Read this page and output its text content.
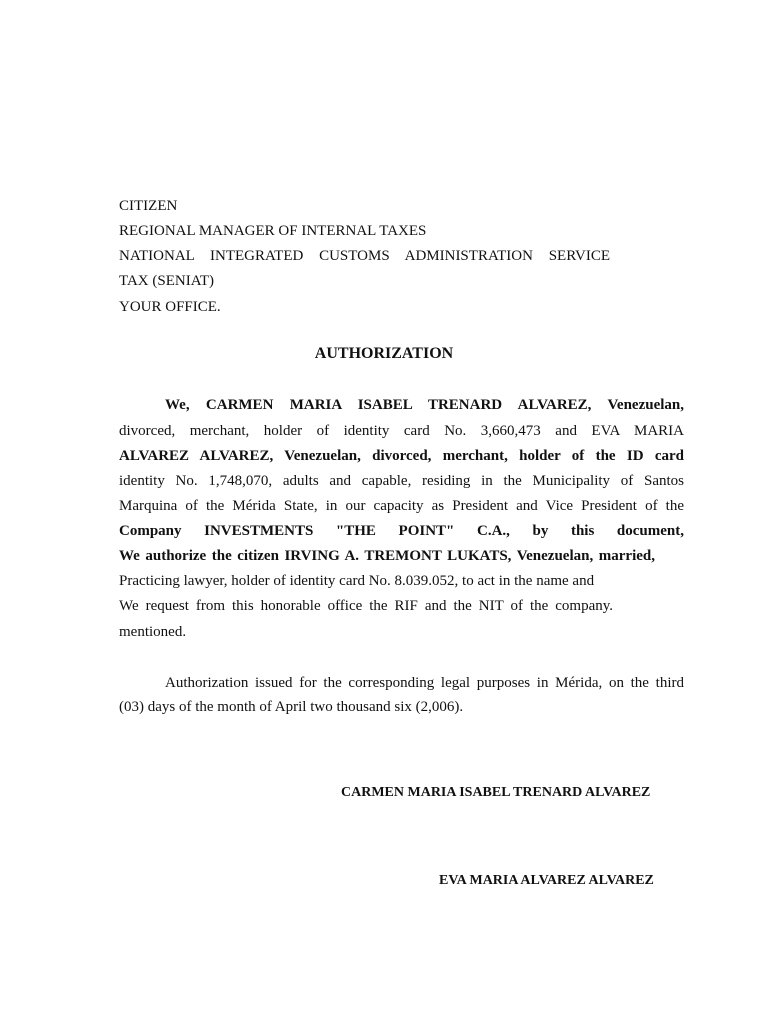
CITIZEN
REGIONAL MANAGER OF INTERNAL TAXES
NATIONAL INTEGRATED CUSTOMS ADMINISTRATION SERVICE
TAX (SENIAT)
YOUR OFFICE.
AUTHORIZATION
We, CARMEN MARIA ISABEL TRENARD ALVAREZ, Venezuelan,
divorced, merchant, holder of identity card No. 3,660,473 and EVA MARIA
ALVAREZ ALVAREZ, Venezuelan, divorced, merchant, holder of the ID card
identity No. 1,748,070, adults and capable, residing in the Municipality of Santos
Marquina of the Mérida State, in our capacity as President and Vice President of the
Company INVESTMENTS "THE POINT" C.A., by this document,
We authorize the citizen IRVING A. TREMONT LUKATS, Venezuelan, married,
Practicing lawyer, holder of identity card No. 8.039.052, to act in the name and
We request from this honorable office the RIF and the NIT of the company.
mentioned.
Authorization issued for the corresponding legal purposes in Mérida, on the third
(03) days of the month of April two thousand six (2,006).
CARMEN MARIA ISABEL TRENARD ALVAREZ
EVA MARIA ALVAREZ ALVAREZ
